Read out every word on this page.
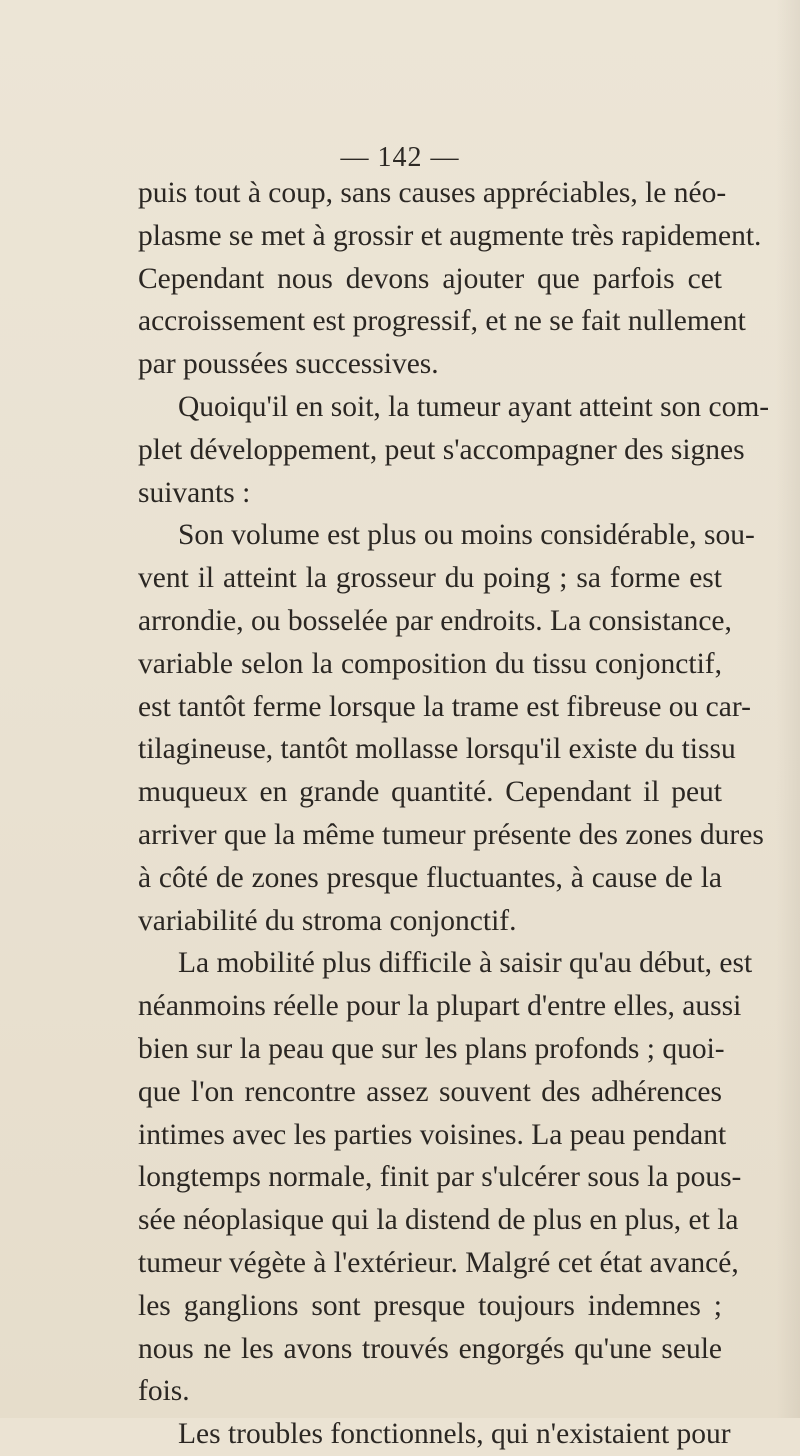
— 142 —
puis tout à coup, sans causes appréciables, le néo-
plasme se met à grossir et augmente très rapidement.
Cependant nous devons ajouter que parfois cet
accroissement est progressif, et ne se fait nullement
par poussées successives.
Quoiqu'il en soit, la tumeur ayant atteint son com-
plet développement, peut s'accompagner des signes
suivants :
Son volume est plus ou moins considérable, sou-
vent il atteint la grosseur du poing ; sa forme est
arrondie, ou bosselée par endroits. La consistance,
variable selon la composition du tissu conjonctif,
est tantôt ferme lorsque la trame est fibreuse ou car-
tilagineuse, tantôt mollasse lorsqu'il existe du tissu
muqueux en grande quantité. Cependant il peut
arriver que la même tumeur présente des zones dures
à côté de zones presque fluctuantes, à cause de la
variabilité du stroma conjonctif.
La mobilité plus difficile à saisir qu'au début, est
néanmoins réelle pour la plupart d'entre elles, aussi
bien sur la peau que sur les plans profonds ; quoi-
que l'on rencontre assez souvent des adhérences
intimes avec les parties voisines. La peau pendant
longtemps normale, finit par s'ulcérer sous la pous-
sée néoplasique qui la distend de plus en plus, et la
tumeur végète à l'extérieur. Malgré cet état avancé,
les ganglions sont presque toujours indemnes ;
nous ne les avons trouvés engorgés qu'une seule
fois.
Les troubles fonctionnels, qui n'existaient pour
